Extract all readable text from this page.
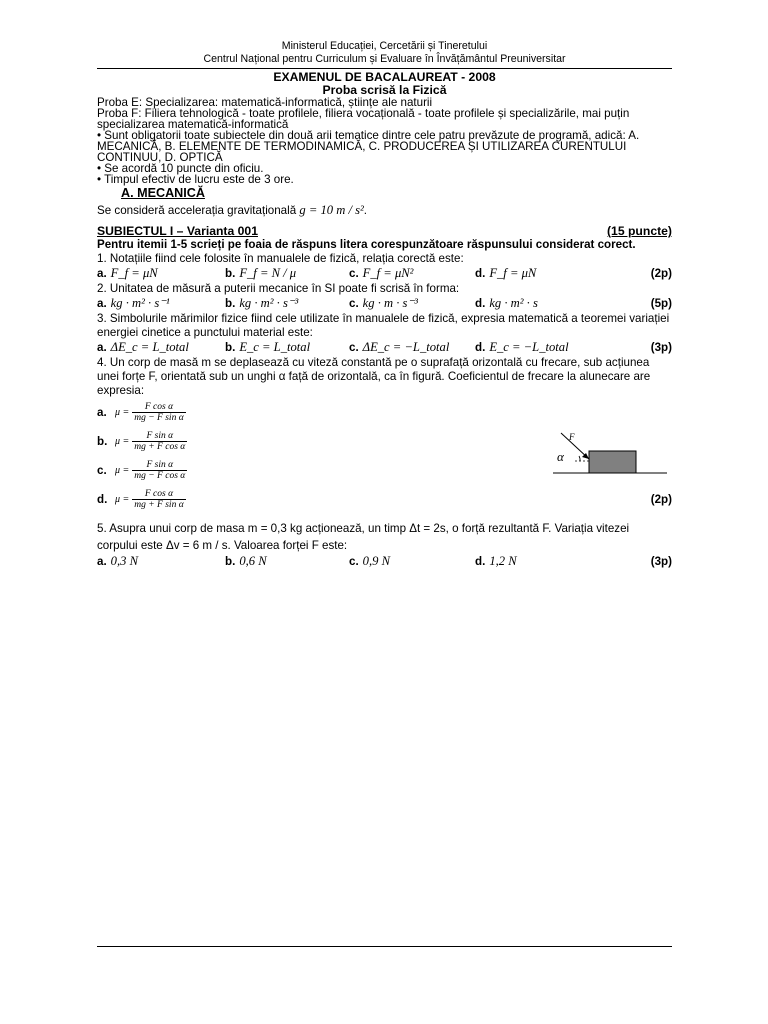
Ministerul Educației, Cercetării și Tineretului
Centrul Național pentru Curriculum și Evaluare în Învățământul Preuniversitar
EXAMENUL DE BACALAUREAT - 2008
Proba scrisă la Fizică

Proba E: Specializarea: matematică-informatică, științe ale naturii

Proba F: Filiera tehnologică - toate profilele, filiera vocațională - toate profilele și specializările, mai puțin specializarea matematică-informatică

• Sunt obligatorii toate subiectele din două arii tematice dintre cele patru prevăzute de programă, adică: A. MECANICĂ, B. ELEMENTE DE TERMODINAMICĂ, C. PRODUCEREA ȘI UTILIZAREA CURENTULUI CONTINUU, D. OPTICĂ

• Se acordă 10 puncte din oficiu.

• Timpul efectiv de lucru este de 3 ore.

A. MECANICĂ

Se consideră accelerația gravitațională g = 10 m / s².

SUBIECTUL I – Varianta 001	(15 puncte)

Pentru itemii 1-5 scrieți pe foaia de răspuns litera corespunzătoare răspunsului considerat corect.

1. Notațiile fiind cele folosite în manualele de fizică, relația corectă este:

a. F_f = μN	b. F_f = N / μ	c. F_f = μN²	d. F_f = μN	(2p)

2. Unitatea de măsură a puterii mecanice în SI poate fi scrisă în forma:

a. kg · m² · s⁻¹	b. kg · m² · s⁻³	c. kg · m · s⁻³	d. kg · m² · s	(5p)

3. Simbolurile mărimilor fizice fiind cele utilizate în manualele de fizică, expresia matematică a teoremei variației energiei cinetice a punctului material este:

a. ΔE_c = L_total	b. E_c = L_total	c. ΔE_c = −L_total	d. E_c = −L_total	(3p)

4. Un corp de masă m se deplasează cu viteză constantă pe o suprafață orizontală cu frecare, sub acțiunea unei forțe F, orientată sub un unghi α față de orizontală, ca în figură. Coeficientul de frecare la alunecare are expresia:

a. $\mu = \frac{\text{F cos α}}{\text{mg − F sin α}}$
b. $\mu = \frac{\text{F sin α}}{\text{mg + F cos α}}$
c. $\mu = \frac{\text{F sin α}}{\text{mg − F cos α}}$
d. $\mu = \frac{\text{F cos α}}{\text{mg + F sin α}}$	(2p)

5. Asupra unui corp de masa m = 0,3 kg acționează, un timp Δt = 2s, o forță rezultantă F. Variația vitezei

corpului este Δv = 6 m / s. Valoarea forței F este:

a. 0,3 N	b. 0,6 N	c. 0,9 N	d. 1,2 N	(3p)
α
F
